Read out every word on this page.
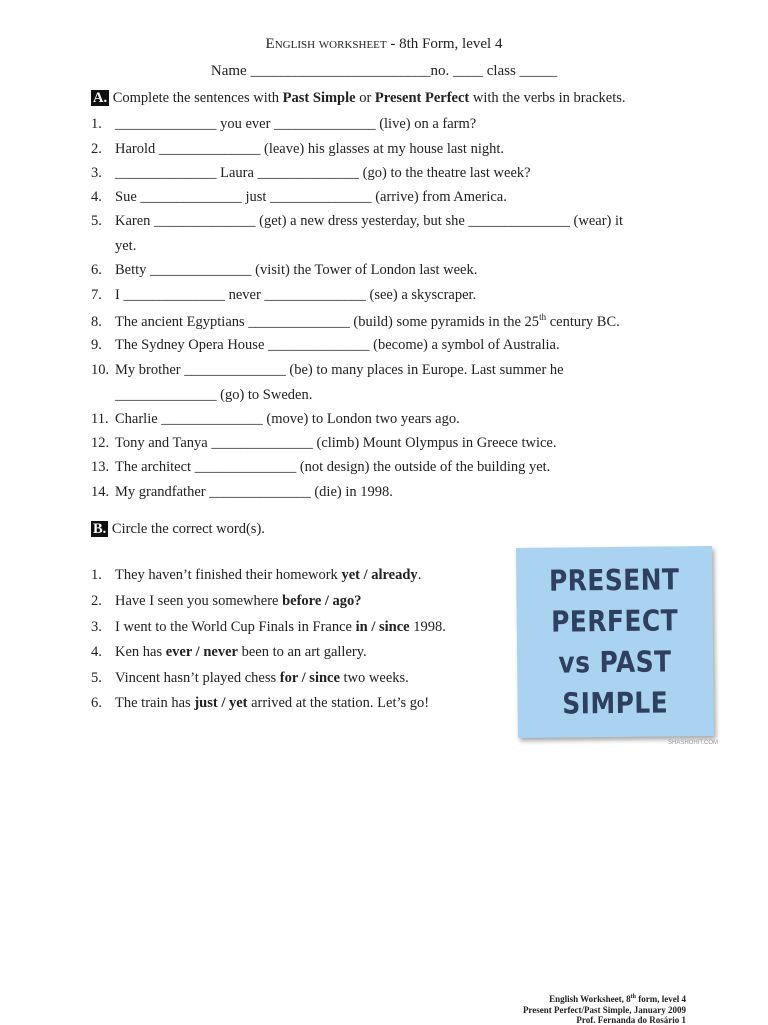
English worksheet - 8th Form, level 4
Name ________________________no. ____ class _____
A. Complete the sentences with Past Simple or Present Perfect with the verbs in brackets.
1. ______________ you ever ______________ (live) on a farm?
2. Harold ______________ (leave) his glasses at my house last night.
3. ______________ Laura ______________ (go) to the theatre last week?
4. Sue ______________ just ______________ (arrive) from America.
5. Karen ______________ (get) a new dress yesterday, but she ______________ (wear) it
yet.
6. Betty ______________ (visit) the Tower of London last week.
7. I ______________ never ______________ (see) a skyscraper.
8. The ancient Egyptians ______________ (build) some pyramids in the 25th century BC.
9. The Sydney Opera House ______________ (become) a symbol of Australia.
10. My brother ______________ (be) to many places in Europe. Last summer he
______________ (go) to Sweden.
11. Charlie ______________ (move) to London two years ago.
12. Tony and Tanya ______________ (climb) Mount Olympus in Greece twice.
13. The architect ______________ (not design) the outside of the building yet.
14. My grandfather ______________ (die) in 1998.
B. Circle the correct word(s).
1. They haven’t finished their homework yet / already.
2. Have I seen you somewhere before / ago?
3. I went to the World Cup Finals in France in / since 1998.
4. Ken has ever / never been to an art gallery.
5. Vincent hasn’t played chess for / since two weeks.
6. The train has just / yet arrived at the station. Let’s go!
PRESENT
PERFECT
vs PAST
SIMPLE
SHASHOHIT.COM
English Worksheet, 8th form, level 4
Present Perfect/Past Simple, January 2009
Prof. Fernanda do Rosário 1
